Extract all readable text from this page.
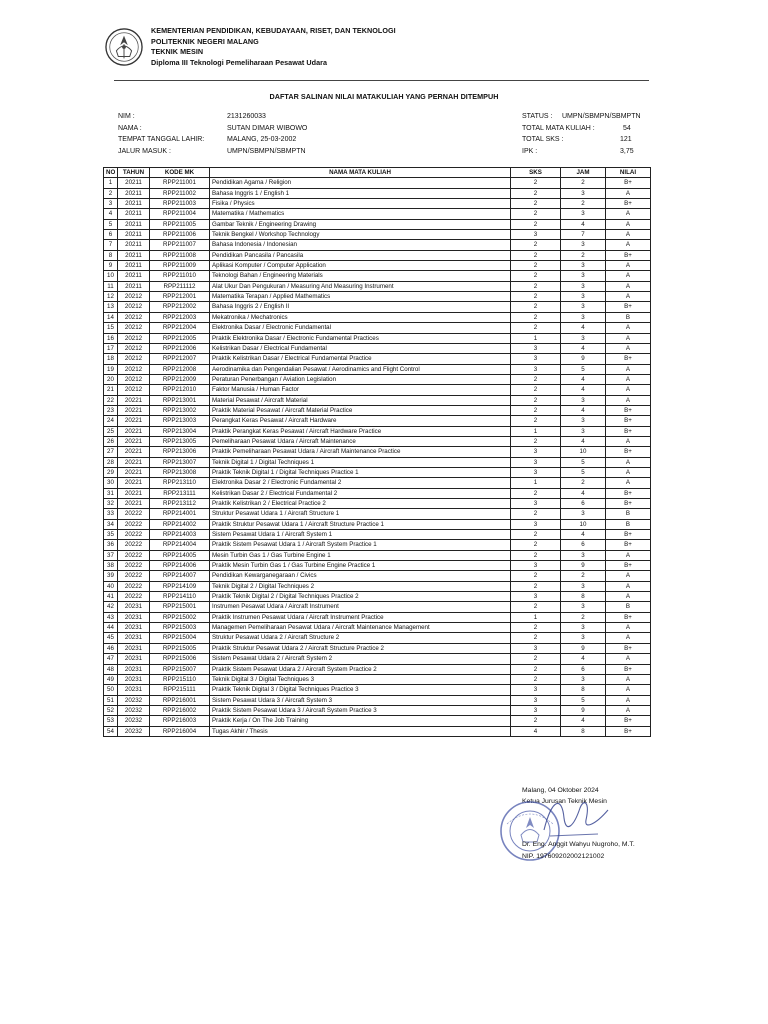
KEMENTERIAN PENDIDIKAN, KEBUDAYAAN, RISET, DAN TEKNOLOGI
POLITEKNIK NEGERI MALANG
TEKNIK MESIN
Diploma III Teknologi Pemeliharaan Pesawat Udara
DAFTAR SALINAN NILAI MATAKULIAH YANG PERNAH DITEMPUH
NIM :	2131260033
NAMA :	SUTAN DIMAR WIBOWO
TEMPAT TANGGAL LAHIR:	MALANG, 25-03-2002
JALUR MASUK :	UMPN/SBMPN/SBMPTN
STATUS : UMPN/SBMPN/SBMPTN
TOTAL MATA KULIAH :	54
TOTAL SKS :	121
IPK :	3,75
NO	TAHUN	KODE MK	NAMA MATA KULIAH	SKS	JAM	NILAI
1	20211	RPP211001	Pendidikan Agama / Religion	2	2	B+
2	20211	RPP211002	Bahasa Inggris 1 / English 1	2	3	A
3	20211	RPP211003	Fisika / Physics	2	2	B+
4	20211	RPP211004	Matematika / Mathematics	2	3	A
5	20211	RPP211005	Gambar Teknik / Engineering Drawing	2	4	A
6	20211	RPP211006	Teknik Bengkel / Workshop Technology	3	7	A
7	20211	RPP211007	Bahasa Indonesia / Indonesian	2	3	A
8	20211	RPP211008	Pendidikan Pancasila / Pancasila	2	2	B+
9	20211	RPP211009	Aplikasi Komputer / Computer Application	2	3	A
10	20211	RPP211010	Teknologi Bahan / Engineering Materials	2	3	A
11	20211	RPP211112	Alat Ukur Dan Pengukuran / Measuring And Measuring Instrument	2	3	A
12	20212	RPP212001	Matematika Terapan / Applied Mathematics	2	3	A
13	20212	RPP212002	Bahasa Inggris 2 / English II	2	3	B+
14	20212	RPP212003	Mekatronika / Mechatronics	2	3	B
15	20212	RPP212004	Elektronika Dasar / Electronic Fundamental	2	4	A
16	20212	RPP212005	Praktik Elektronika Dasar / Electronic Fundamental Practices	1	3	A
17	20212	RPP212006	Kelistrikan Dasar / Electrical Fundamental	3	4	A
18	20212	RPP212007	Praktik Kelistrikan Dasar / Electrical Fundamental Practice	3	9	B+
19	20212	RPP212008	Aerodinamika dan Pengendalian Pesawat / Aerodinamics and Flight Control	3	5	A
20	20212	RPP212009	Peraturan Penerbangan / Aviation Legislation	2	4	A
21	20212	RPP212010	Faktor Manusia / Human Factor	2	4	A
22	20221	RPP213001	Material Pesawat / Aircraft Material	2	3	A
23	20221	RPP213002	Praktik Material Pesawat / Aircraft Material Practice	2	4	B+
24	20221	RPP213003	Perangkat Keras Pesawat / Aircraft Hardware	2	3	B+
25	20221	RPP213004	Praktik Perangkat Keras Pesawat / Aircraft Hardware Practice	1	3	B+
26	20221	RPP213005	Pemeliharaan Pesawat Udara / Aircraft Maintenance	2	4	A
27	20221	RPP213006	Praktik Pemeliharaan Pesawat Udara / Aircraft Maintenance Practice	3	10	B+
28	20221	RPP213007	Teknik Digital 1 / Digital Techniques 1	3	5	A
29	20221	RPP213008	Praktik Teknik Digital 1 / Digital Techniques Practice 1	3	5	A
30	20221	RPP213110	Elektronika Dasar 2 / Electronic Fundamental 2	1	2	A
31	20221	RPP213111	Kelistrikan Dasar 2 / Electrical Fundamental 2	2	4	B+
32	20221	RPP213112	Praktik Kelistrikan 2 / Electrical Practice 2	3	6	B+
33	20222	RPP214001	Struktur Pesawat Udara 1 / Aircraft Structure 1	2	3	B
34	20222	RPP214002	Praktik Struktur Pesawat Udara 1 / Aircraft Structure Practice 1	3	10	B
35	20222	RPP214003	Sistem Pesawat Udara 1 / Aircraft System 1	2	4	B+
36	20222	RPP214004	Praktik Sistem Pesawat Udara 1 / Aircraft System Practice 1	2	6	B+
37	20222	RPP214005	Mesin Turbin Gas 1 / Gas Turbine Engine 1	2	3	A
38	20222	RPP214006	Praktik Mesin Turbin Gas 1 / Gas Turbine Engine Practice 1	3	9	B+
39	20222	RPP214007	Pendidikan Kewarganegaraan / Civics	2	2	A
40	20222	RPP214109	Teknik Digital 2 / Digital Techniques 2	2	3	A
41	20222	RPP214110	Praktik Teknik Digital 2 / Digital Techniques Practice 2	3	8	A
42	20231	RPP215001	Instrumen Pesawat Udara / Aircraft Instrument	2	3	B
43	20231	RPP215002	Praktik Instrumen Pesawat Udara / Aircraft Instrument Practice	1	2	B+
44	20231	RPP215003	Managemen Pemeliharaan Pesawat Udara / Aircraft Maintenance Management	2	3	A
45	20231	RPP215004	Struktur Pesawat Udara 2 / Aircraft Structure 2	2	3	A
46	20231	RPP215005	Praktik Struktur Pesawat Udara 2 / Aircraft Structure Practice 2	3	9	B+
47	20231	RPP215006	Sistem Pesawat Udara 2 / Aircraft System 2	2	4	A
48	20231	RPP215007	Praktik Sistem Pesawat Udara 2 / Aircraft System Practice 2	2	6	B+
49	20231	RPP215110	Teknik Digital 3 / Digital Techniques 3	2	3	A
50	20231	RPP215111	Praktik Teknik Digital 3 / Digital Techniques Practice 3	3	8	A
51	20232	RPP216001	Sistem Pesawat Udara 3 / Aircraft System 3	3	5	A
52	20232	RPP216002	Praktik Sistem Pesawat Udara 3 / Aircraft System Practice 3	3	9	A
53	20232	RPP216003	Praktik Kerja / On The Job Training	2	4	B+
54	20232	RPP216004	Tugas Akhir / Thesis	4	8	B+
Malang, 04 Oktober 2024
Ketua Jurusan Teknik Mesin
Dr. Eng. Anggit Wahyu Nugroho, M.T.
NIP. 197609202002121002
